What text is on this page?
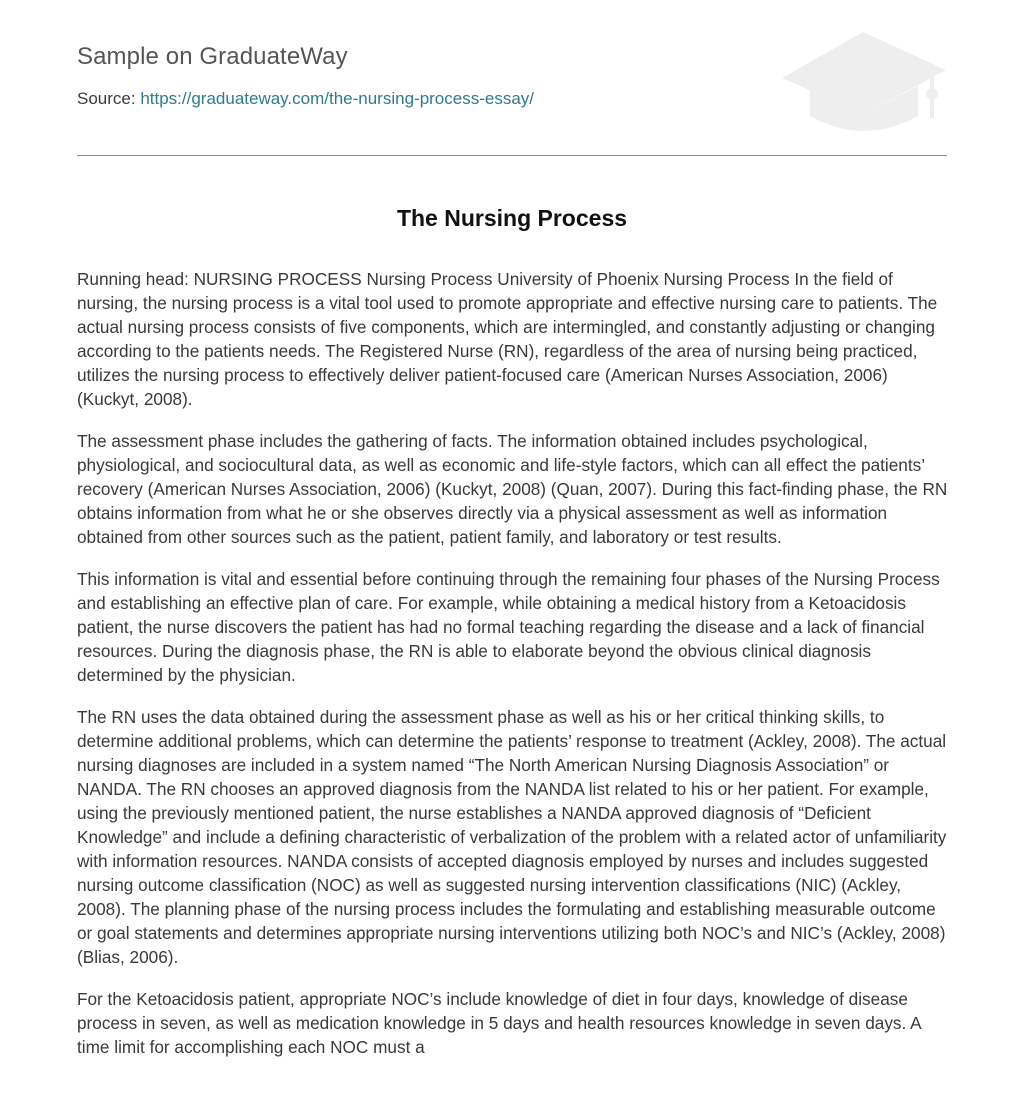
Sample on GraduateWay
Source: https://graduateway.com/the-nursing-process-essay/
The Nursing Process

Running head: NURSING PROCESS Nursing Process University of Phoenix Nursing Process In the field of nursing, the nursing process is a vital tool used to promote appropriate and effective nursing care to patients. The actual nursing process consists of five components, which are intermingled, and constantly adjusting or changing according to the patients needs. The Registered Nurse (RN), regardless of the area of nursing being practiced, utilizes the nursing process to effectively deliver patient-focused care (American Nurses Association, 2006) (Kuckyt, 2008).

The assessment phase includes the gathering of facts. The information obtained includes psychological, physiological, and sociocultural data, as well as economic and life-style factors, which can all effect the patients’ recovery (American Nurses Association, 2006) (Kuckyt, 2008) (Quan, 2007). During this fact-finding phase, the RN obtains information from what he or she observes directly via a physical assessment as well as information obtained from other sources such as the patient, patient family, and laboratory or test results.

This information is vital and essential before continuing through the remaining four phases of the Nursing Process and establishing an effective plan of care. For example, while obtaining a medical history from a Ketoacidosis patient, the nurse discovers the patient has had no formal teaching regarding the disease and a lack of financial resources. During the diagnosis phase, the RN is able to elaborate beyond the obvious clinical diagnosis determined by the physician.

The RN uses the data obtained during the assessment phase as well as his or her critical thinking skills, to determine additional problems, which can determine the patients’ response to treatment (Ackley, 2008). The actual nursing diagnoses are included in a system named “The North American Nursing Diagnosis Association” or NANDA. The RN chooses an approved diagnosis from the NANDA list related to his or her patient. For example, using the previously mentioned patient, the nurse establishes a NANDA approved diagnosis of “Deficient Knowledge” and include a defining characteristic of verbalization of the problem with a related actor of unfamiliarity with information resources. NANDA consists of accepted diagnosis employed by nurses and includes suggested nursing outcome classification (NOC) as well as suggested nursing intervention classifications (NIC) (Ackley, 2008). The planning phase of the nursing process includes the formulating and establishing measurable outcome or goal statements and determines appropriate nursing interventions utilizing both NOC’s and NIC’s (Ackley, 2008) (Blias, 2006).

For the Ketoacidosis patient, appropriate NOC’s include knowledge of diet in four days, knowledge of disease process in seven, as well as medication knowledge in 5 days and health resources knowledge in seven days. A time limit for accomplishing each NOC must a
